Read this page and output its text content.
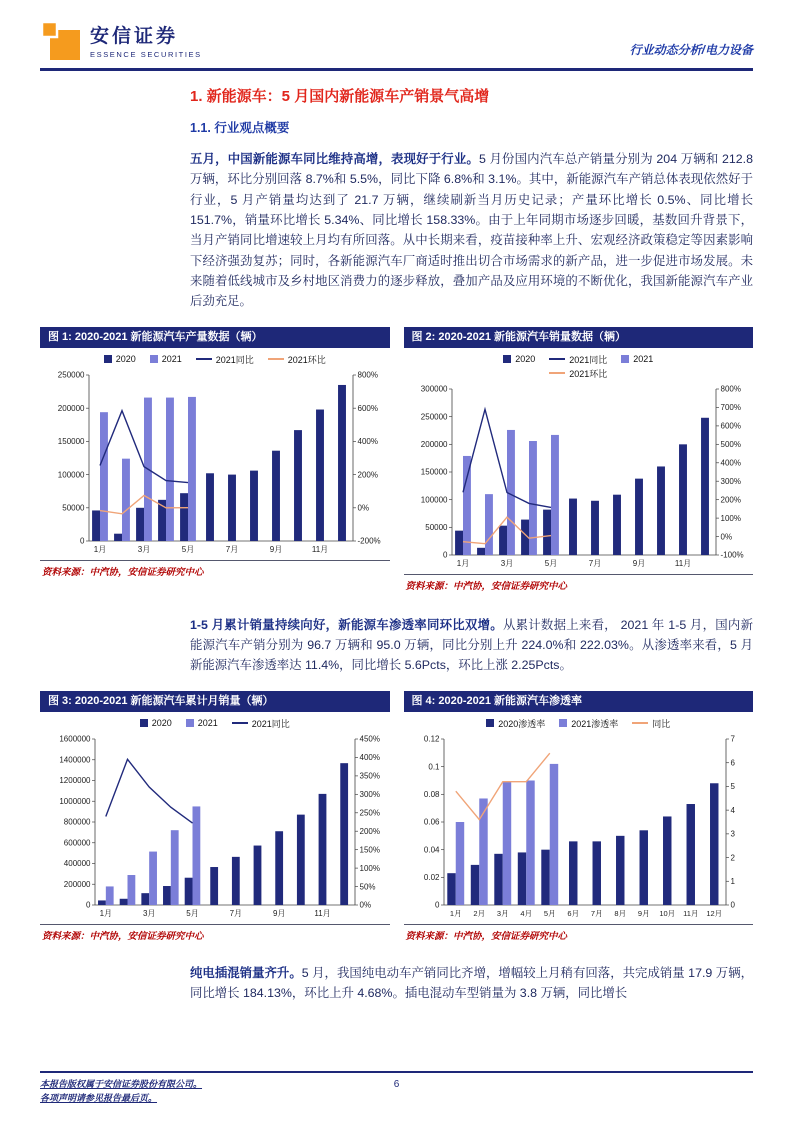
安信证券
ESSENCE SECURITIES	行业动态分析/电力设备
1. 新能源车：5 月国内新能源车产销景气高增
1.1. 行业观点概要

五月，中国新能源车同比维持高增，表现好于行业。5 月份国内汽车总产销量分别为 204 万辆和 212.8 万辆，环比分别回落 8.7%和 5.5%，同比下降 6.8%和 3.1%。其中，新能源汽车产销总体表现依然好于行业，5 月产销量均达到了 21.7 万辆，继续刷新当月历史记录；产量环比增长 0.5%、同比增长 151.7%，销量环比增长 5.34%、同比增长 158.33%。由于上年同期市场逐步回暖，基数回升背景下，当月产销同比增速较上月均有所回落。从中长期来看，疫苗接种率上升、宏观经济政策稳定等因素影响下经济强劲复苏；同时，各新能源汽车厂商适时推出切合市场需求的新产品，进一步促进市场发展。未来随着低线城市及乡村地区消费力的逐步释放，叠加产品及应用环境的不断优化，我国新能源汽车产业后劲充足。

图 1: 2020-2021 新能源汽车产量数据（辆）
2020	2021	2021同比	2021环比
0
50000
100000
150000
200000
250000
-200%
0%
200%
400%
600%
800%
1月	3月	5月	7月	9月	11月
资料来源：中汽协，安信证券研究中心
图 2: 2020-2021 新能源汽车销量数据（辆）
2020	2021同比	2021
2021环比
0
50000
100000
150000
200000
250000
300000
-100%
0%
100%
200%
300%
400%
500%
600%
700%
800%
1月	3月	5月	7月	9月	11月
资料来源：中汽协，安信证券研究中心

1-5 月累计销量持续向好，新能源车渗透率同环比双增。从累计数据上来看， 2021 年 1-5 月，国内新能源汽车产销分别为 96.7 万辆和 95.0 万辆，同比分别上升 224.0%和 222.03%。从渗透率来看，5 月新能源汽车渗透率达 11.4%，同比增长 5.6Pcts，环比上涨 2.25Pcts。

图 3: 2020-2021 新能源汽车累计月销量（辆）
2020	2021	2021同比
0
200000
400000
600000
800000
1000000
1200000
1400000
1600000
0%
50%
100%
150%
200%
250%
300%
350%
400%
450%
1月	3月	5月	7月	9月	11月
资料来源：中汽协，安信证券研究中心
图 4: 2020-2021 新能源汽车渗透率
2020渗透率	2021渗透率	同比
0
0.02
0.04
0.06
0.08
0.1
0.12
0
1
2
3
4
5
6
7
1月 2月 3月 4月 5月 6月 7月 8月 9月 10月 11月 12月
资料来源：中汽协，安信证券研究中心

纯电插混销量齐升。5 月，我国纯电动车产销同比齐增，增幅较上月稍有回落，共完成销量 17.9 万辆，同比增长 184.13%，环比上升 4.68%。插电混动车型销量为 3.8 万辆，同比增长

6
本报告版权属于安信证券股份有限公司。
各项声明请参见报告最后页。
